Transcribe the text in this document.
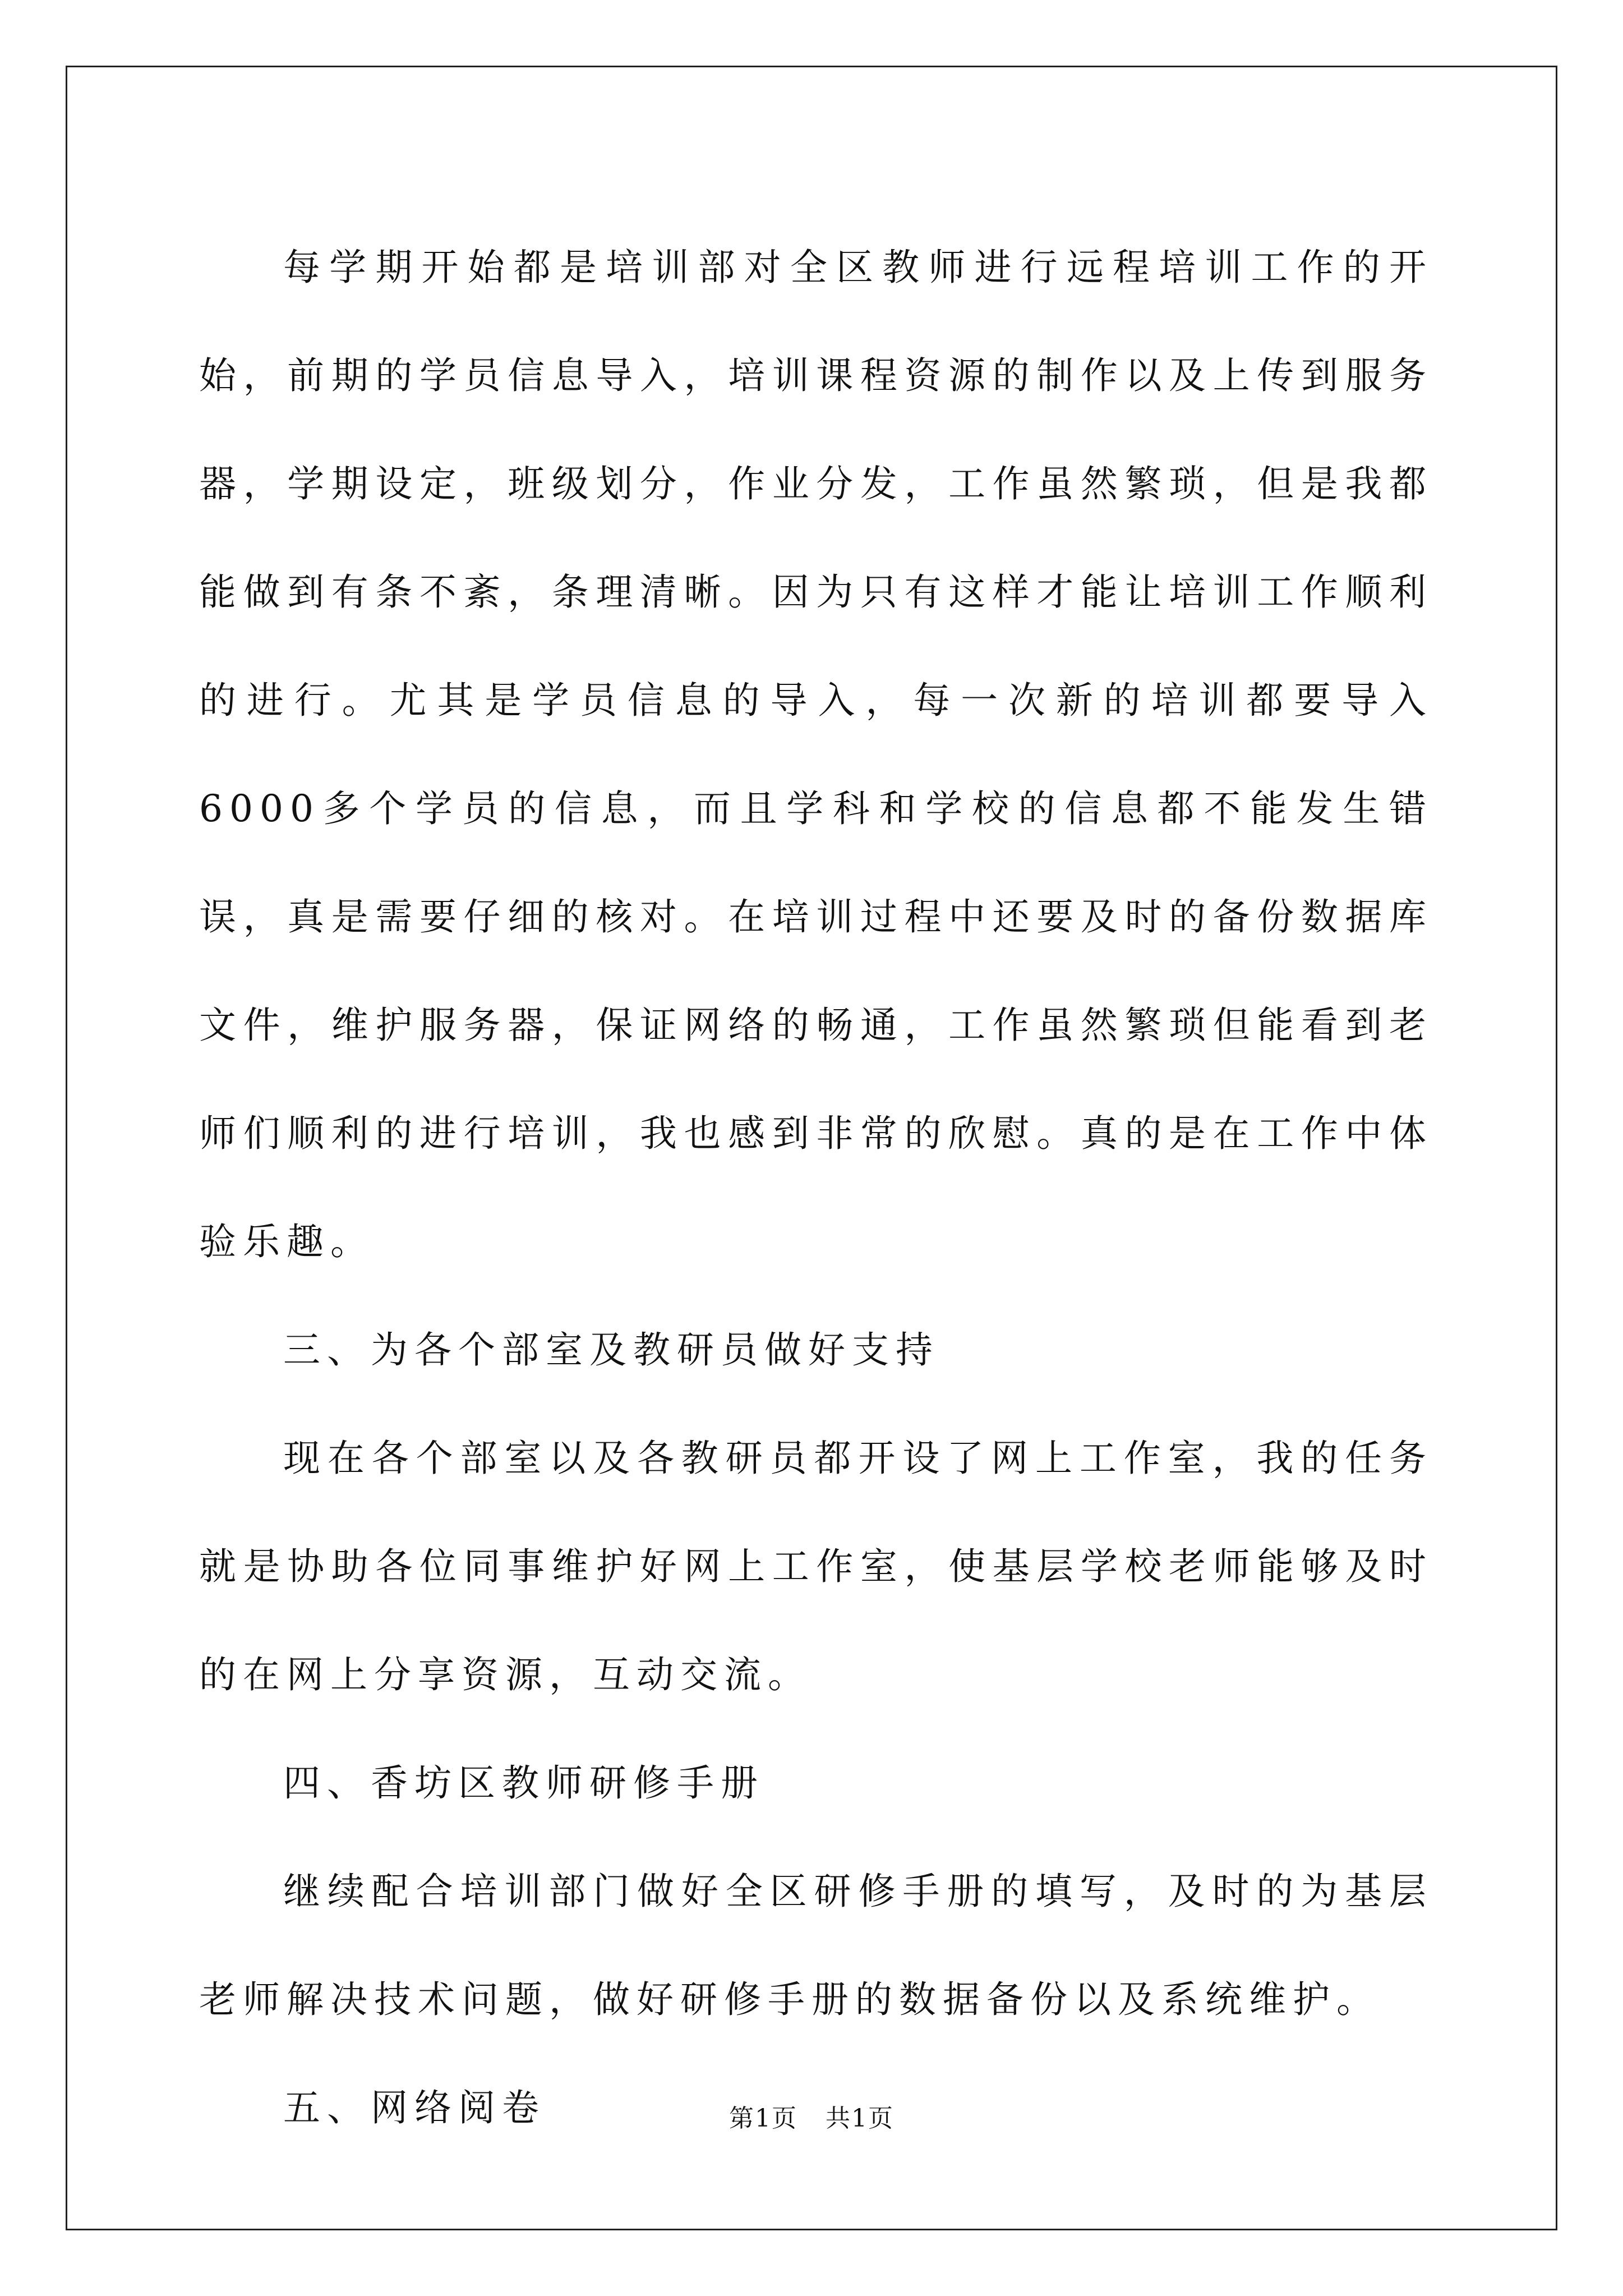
每学期开始都是培训部对全区教师进行远程培训工作的开始，前期的学员信息导入，培训课程资源的制作以及上传到服务器，学期设定，班级划分，作业分发，工作虽然繁琐，但是我都能做到有条不紊，条理清晰。因为只有这样才能让培训工作顺利的进行。尤其是学员信息的导入，每一次新的培训都要导入6000多个学员的信息，而且学科和学校的信息都不能发生错误，真是需要仔细的核对。在培训过程中还要及时的备份数据库文件，维护服务器，保证网络的畅通，工作虽然繁琐但能看到老师们顺利的进行培训，我也感到非常的欣慰。真的是在工作中体验乐趣。

三、为各个部室及教研员做好支持

现在各个部室以及各教研员都开设了网上工作室，我的任务就是协助各位同事维护好网上工作室，使基层学校老师能够及时的在网上分享资源，互动交流。

四、香坊区教师研修手册

继续配合培训部门做好全区研修手册的填写，及时的为基层老师解决技术问题，做好研修手册的数据备份以及系统维护。

五、网络阅卷	第1页 共1页
